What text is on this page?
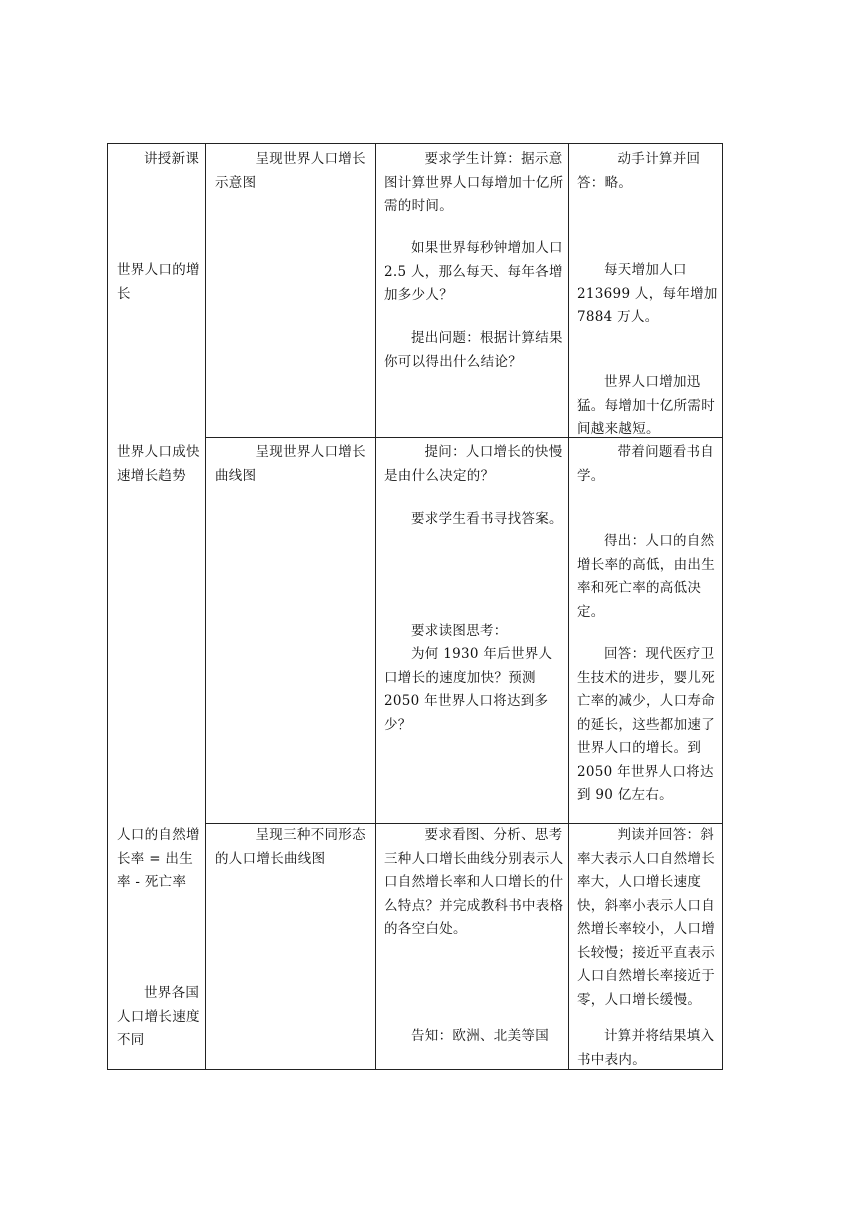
讲授新课

世界人口的增长

世界人口成快速增长趋势

人口的自然增长率 = 出生率 - 死亡率

世界各国人口增长速度不同

呈现世界人口增长示意图

要求学生计算：据示意图计算世界人口每增加十亿所需的时间。

如果世界每秒钟增加人口 2.5 人，那么每天、每年各增加多少人？

提出问题：根据计算结果你可以得出什么结论？

动手计算并回答：略。

每天增加人口213699 人，每年增加7884 万人。

世界人口增加迅猛。每增加十亿所需时间越来越短。

呈现世界人口增长曲线图

提问：人口增长的快慢是由什么决定的？

要求学生看书寻找答案。

要求读图思考：

为何 1930 年后世界人口增长的速度加快？预测 2050 年世界人口将达到多少？

带着问题看书自学。

得出：人口的自然增长率的高低，由出生率和死亡率的高低决定。

回答：现代医疗卫生技术的进步，婴儿死亡率的减少，人口寿命的延长，这些都加速了世界人口的增长。到 2050 年世界人口将达到 90 亿左右。

呈现三种不同形态的人口增长曲线图

要求看图、分析、思考三种人口增长曲线分别表示人口自然增长率和人口增长的什么特点？并完成教科书中表格的各空白处。

告知：欧洲、北美等国

判读并回答：斜率大表示人口自然增长率大，人口增长速度快，斜率小表示人口自然增长率较小，人口增长较慢；接近平直表示人口自然增长率接近于零，人口增长缓慢。

计算并将结果填入书中表内。
